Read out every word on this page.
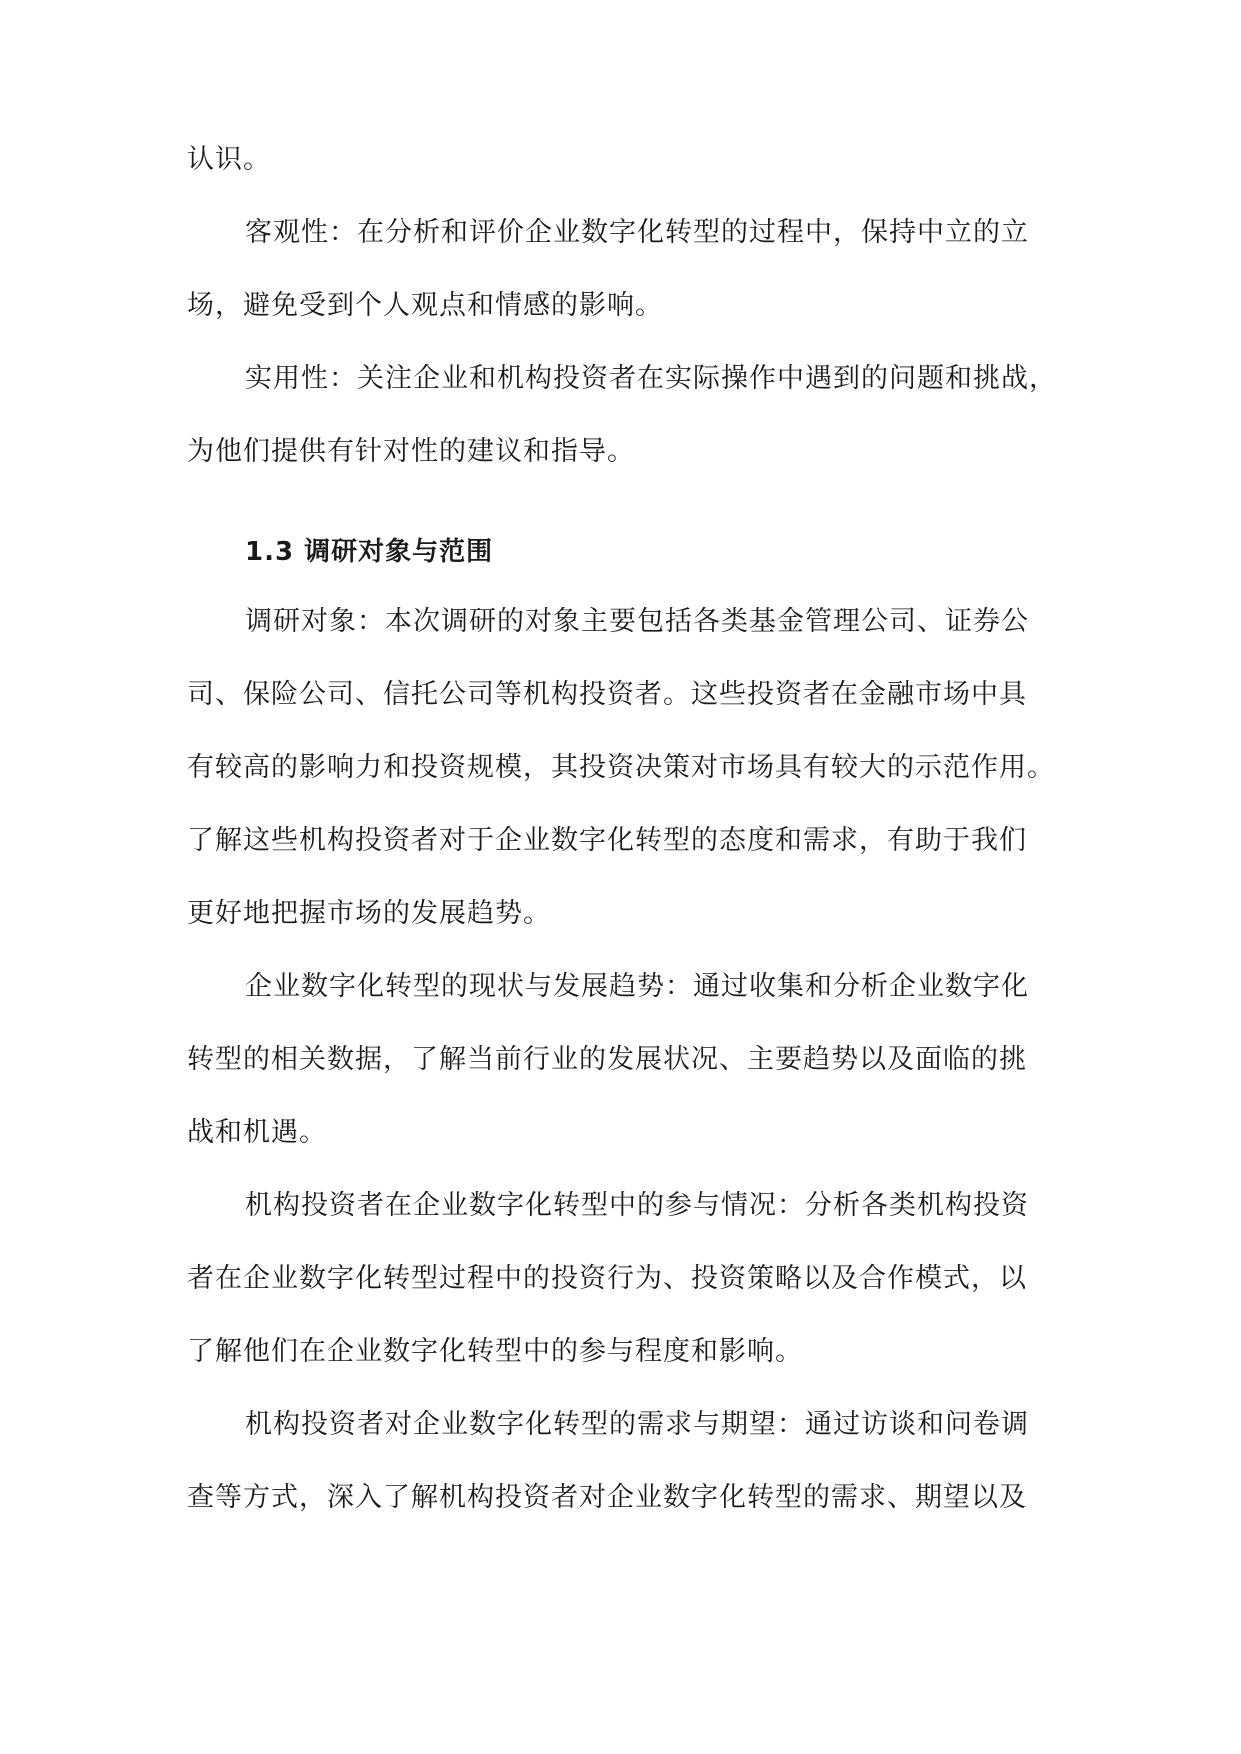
认识。
客观性：在分析和评价企业数字化转型的过程中，保持中立的立
场，避免受到个人观点和情感的影响。
实用性：关注企业和机构投资者在实际操作中遇到的问题和挑战，
为他们提供有针对性的建议和指导。
1.3 调研对象与范围
调研对象：本次调研的对象主要包括各类基金管理公司、证券公
司、保险公司、信托公司等机构投资者。这些投资者在金融市场中具
有较高的影响力和投资规模，其投资决策对市场具有较大的示范作用。
了解这些机构投资者对于企业数字化转型的态度和需求，有助于我们
更好地把握市场的发展趋势。
企业数字化转型的现状与发展趋势：通过收集和分析企业数字化
转型的相关数据，了解当前行业的发展状况、主要趋势以及面临的挑
战和机遇。
机构投资者在企业数字化转型中的参与情况：分析各类机构投资
者在企业数字化转型过程中的投资行为、投资策略以及合作模式，以
了解他们在企业数字化转型中的参与程度和影响。
机构投资者对企业数字化转型的需求与期望：通过访谈和问卷调
查等方式，深入了解机构投资者对企业数字化转型的需求、期望以及
